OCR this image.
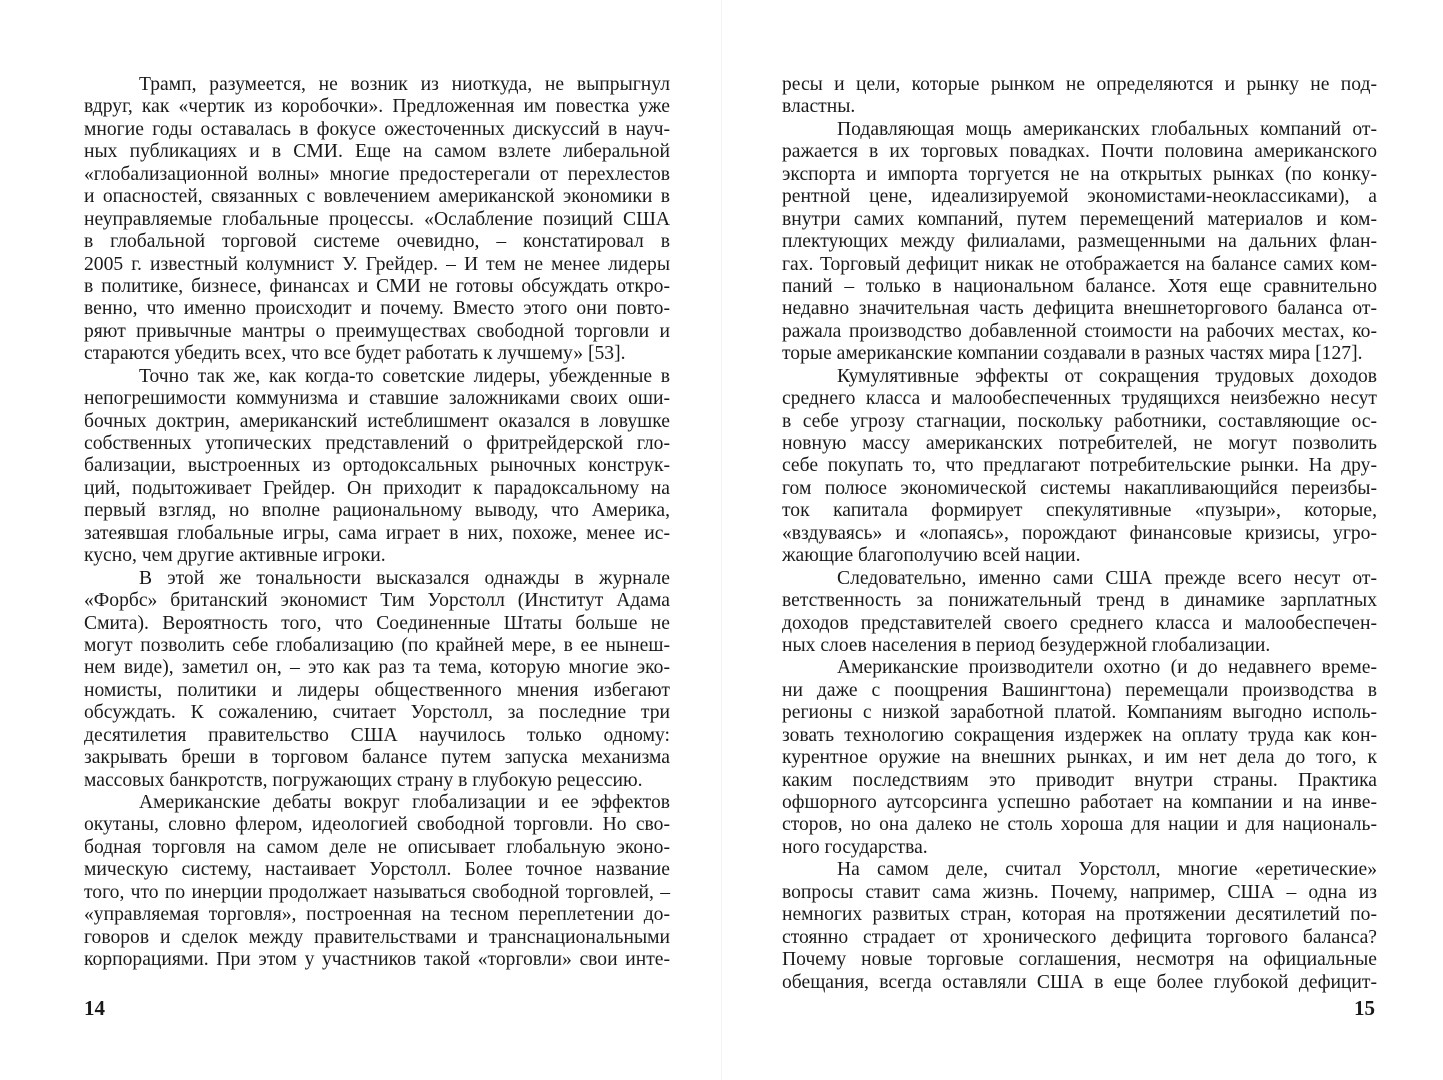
Трамп, разумеется, не возник из ниоткуда, не выпрыгнул
вдруг, как «чертик из коробочки». Предложенная им повестка уже
многие годы оставалась в фокусе ожесточенных дискуссий в науч-
ных публикациях и в СМИ. Еще на самом взлете либеральной
«глобализационной волны» многие предостерегали от перехлестов
и опасностей, связанных с вовлечением американской экономики в
неуправляемые глобальные процессы. «Ослабление позиций США
в глобальной торговой системе очевидно, – констатировал в
2005 г. известный колумнист У. Грейдер. – И тем не менее лидеры
в политике, бизнесе, финансах и СМИ не готовы обсуждать откро-
венно, что именно происходит и почему. Вместо этого они повто-
ряют привычные мантры о преимуществах свободной торговли и
стараются убедить всех, что все будет работать к лучшему» [53].
Точно так же, как когда-то советские лидеры, убежденные в
непогрешимости коммунизма и ставшие заложниками своих оши-
бочных доктрин, американский истеблишмент оказался в ловушке
собственных утопических представлений о фритрейдерской гло-
бализации, выстроенных из ортодоксальных рыночных конструк-
ций, подытоживает Грейдер. Он приходит к парадоксальному на
первый взгляд, но вполне рациональному выводу, что Америка,
затеявшая глобальные игры, сама играет в них, похоже, менее ис-
кусно, чем другие активные игроки.
В этой же тональности высказался однажды в журнале
«Форбс» британский экономист Тим Уорстолл (Институт Адама
Смита). Вероятность того, что Соединенные Штаты больше не
могут позволить себе глобализацию (по крайней мере, в ее нынеш-
нем виде), заметил он, – это как раз та тема, которую многие эко-
номисты, политики и лидеры общественного мнения избегают
обсуждать. К сожалению, считает Уорстолл, за последние три
десятилетия правительство США научилось только одному:
закрывать бреши в торговом балансе путем запуска механизма
массовых банкротств, погружающих страну в глубокую рецессию.
Американские дебаты вокруг глобализации и ее эффектов
окутаны, словно флером, идеологией свободной торговли. Но сво-
бодная торговля на самом деле не описывает глобальную эконо-
мическую систему, настаивает Уорстолл. Более точное название
того, что по инерции продолжает называться свободной торговлей, –
«управляемая торговля», построенная на тесном переплетении до-
говоров и сделок между правительствами и транснациональными
корпорациями. При этом у участников такой «торговли» свои инте-
14
ресы и цели, которые рынком не определяются и рынку не под-
властны.
Подавляющая мощь американских глобальных компаний от-
ражается в их торговых повадках. Почти половина американского
экспорта и импорта торгуется не на открытых рынках (по конку-
рентной цене, идеализируемой экономистами-неоклассиками), а
внутри самих компаний, путем перемещений материалов и ком-
плектующих между филиалами, размещенными на дальних флан-
гах. Торговый дефицит никак не отображается на балансе самих ком-
паний – только в национальном балансе. Хотя еще сравнительно
недавно значительная часть дефицита внешнеторгового баланса от-
ражала производство добавленной стоимости на рабочих местах, ко-
торые американские компании создавали в разных частях мира [127].
Кумулятивные эффекты от сокращения трудовых доходов
среднего класса и малообеспеченных трудящихся неизбежно несут
в себе угрозу стагнации, поскольку работники, составляющие ос-
новную массу американских потребителей, не могут позволить
себе покупать то, что предлагают потребительские рынки. На дру-
гом полюсе экономической системы накапливающийся переизбы-
ток капитала формирует спекулятивные «пузыри», которые,
«вздуваясь» и «лопаясь», порождают финансовые кризисы, угро-
жающие благополучию всей нации.
Следовательно, именно сами США прежде всего несут от-
ветственность за понижательный тренд в динамике зарплатных
доходов представителей своего среднего класса и малообеспечен-
ных слоев населения в период безудержной глобализации.
Американские производители охотно (и до недавнего време-
ни даже с поощрения Вашингтона) перемещали производства в
регионы с низкой заработной платой. Компаниям выгодно исполь-
зовать технологию сокращения издержек на оплату труда как кон-
курентное оружие на внешних рынках, и им нет дела до того, к
каким последствиям это приводит внутри страны. Практика
офшорного аутсорсинга успешно работает на компании и на инве-
сторов, но она далеко не столь хороша для нации и для националь-
ного государства.
На самом деле, считал Уорстолл, многие «еретические»
вопросы ставит сама жизнь. Почему, например, США – одна из
немногих развитых стран, которая на протяжении десятилетий по-
стоянно страдает от хронического дефицита торгового баланса?
Почему новые торговые соглашения, несмотря на официальные
обещания, всегда оставляли США в еще более глубокой дефицит-
15
